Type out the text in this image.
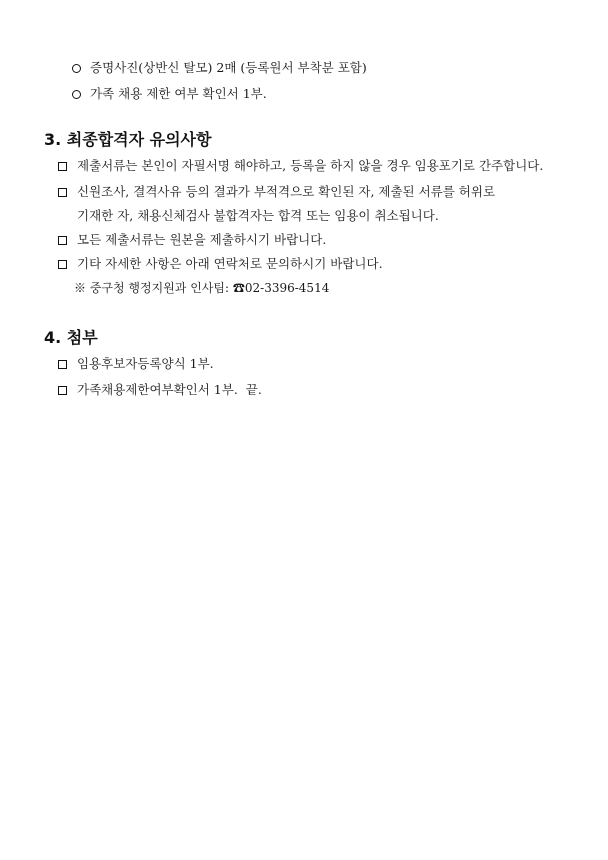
증명사진(상반신 탈모) 2매 (등록원서 부착분 포함)
가족 채용 제한 여부 확인서 1부.
3. 최종합격자 유의사항
제출서류는 본인이 자필서명 해야하고, 등록을 하지 않을 경우 임용포기로 간주합니다.
신원조사, 결격사유 등의 결과가 부적격으로 확인된 자, 제출된 서류를 허위로
기재한 자, 채용신체검사 불합격자는 합격 또는 임용이 취소됩니다.
모든 제출서류는 원본을 제출하시기 바랍니다.
기타 자세한 사항은 아래 연락처로 문의하시기 바랍니다.
※ 중구청 행정지원과 인사팀: ☎02-3396-4514
4. 첨부
임용후보자등록양식 1부.
가족채용제한여부확인서 1부.  끝.
